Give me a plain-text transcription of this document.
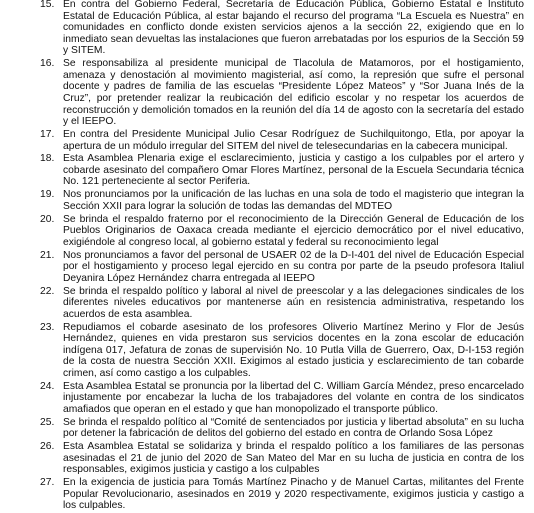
15. En contra del Gobierno Federal, Secretaría de Educación Pública, Gobierno Estatal e Instituto Estatal de Educación Pública, al estar bajando el recurso del programa “La Escuela es Nuestra” en comunidades en conflicto donde existen servicios ajenos a la sección 22, exigiendo que en lo inmediato sean devueltas las instalaciones que fueron arrebatadas por los espurios de la Sección 59 y SITEM.
16. Se responsabiliza al presidente municipal de Tlacolula de Matamoros, por el hostigamiento, amenaza y denostación al movimiento magisterial, así como, la represión que sufre el personal docente y padres de familia de las escuelas “Presidente López Mateos” y “Sor Juana Inés de la Cruz”, por pretender realizar la reubicación del edificio escolar y no respetar los acuerdos de reconstrucción y demolición tomados en la reunión del día 14 de agosto con la secretaría del estado y el IEEPO.
17. En contra del Presidente Municipal Julio Cesar Rodríguez de Suchilquitongo, Etla, por apoyar la apertura de un módulo irregular del SITEM del nivel de telesecundarias en la cabecera municipal.
18. Esta Asamblea Plenaria exige el esclarecimiento, justicia y castigo a los culpables por el artero y cobarde asesinato del compañero Omar Flores Martínez, personal de la Escuela Secundaria técnica No. 121 perteneciente al sector Periferia.
19. Nos pronunciamos por la unificación de las luchas en una sola de todo el magisterio que integran la Sección XXII para lograr la solución de todas las demandas del MDTEO
20. Se brinda el respaldo fraterno por el reconocimiento de la Dirección General de Educación de los Pueblos Originarios de Oaxaca creada mediante el ejercicio democrático por el nivel educativo, exigiéndole al congreso local, al gobierno estatal y federal su reconocimiento legal
21. Nos pronunciamos a favor del personal de USAER 02 de la D-I-401 del nivel de Educación Especial por el hostigamiento y proceso legal ejercido en su contra por parte de la pseudo profesora Italiul Deyanira López Hernández charra entregada al IEEPO
22. Se brinda el respaldo político y laboral al nivel de preescolar y a las delegaciones sindicales de los diferentes niveles educativos por mantenerse aún en resistencia administrativa, respetando los acuerdos de esta asamblea.
23. Repudiamos el cobarde asesinato de los profesores Oliverio Martínez Merino y Flor de Jesús Hernández, quienes en vida prestaron sus servicios docentes en la zona escolar de educación indígena 017, Jefatura de zonas de supervisión No. 10 Putla Villa de Guerrero, Oax, D-I-153 región de la costa de nuestra Sección XXII. Exigimos al estado justicia y esclarecimiento de tan cobarde crimen, así como castigo a los culpables.
24. Esta Asamblea Estatal se pronuncia por la libertad del C. William García Méndez, preso encarcelado injustamente por encabezar la lucha de los trabajadores del volante en contra de los sindicatos amafiados que operan en el estado y que han monopolizado el transporte público.
25. Se brinda el respaldo político al “Comité de sentenciados por justicia y libertad absoluta” en su lucha por detener la fabricación de delitos del gobierno del estado en contra de Orlando Sosa López
26. Esta Asamblea Estatal se solidariza y brinda el respaldo político a los familiares de las personas asesinadas el 21 de junio del 2020 de San Mateo del Mar en su lucha de justicia en contra de los responsables, exigimos justicia y castigo a los culpables
27. En la exigencia de justicia para Tomás Martínez Pinacho y de Manuel Cartas, militantes del Frente Popular Revolucionario, asesinados en 2019 y 2020 respectivamente, exigimos justicia y castigo a los culpables.
